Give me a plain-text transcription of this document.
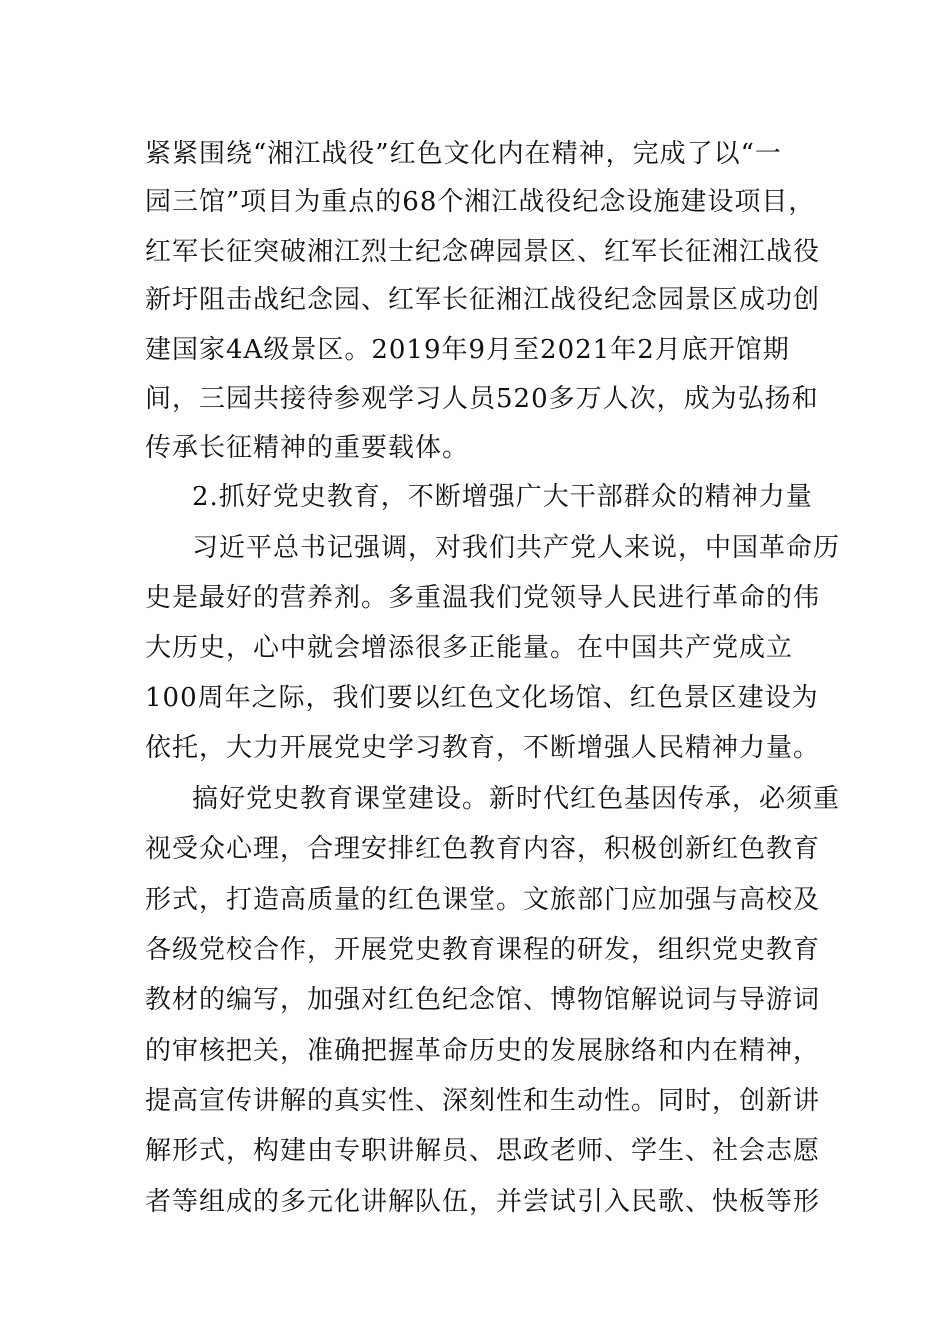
紧紧围绕“湘江战役”红色文化内在精神，完成了以“一
园三馆”项目为重点的68个湘江战役纪念设施建设项目，
红军长征突破湘江烈士纪念碑园景区、红军长征湘江战役
新圩阻击战纪念园、红军长征湘江战役纪念园景区成功创
建国家4A级景区。2019年9月至2021年2月底开馆期
间，三园共接待参观学习人员520多万人次，成为弘扬和
传承长征精神的重要载体。
2.抓好党史教育，不断增强广大干部群众的精神力量
习近平总书记强调，对我们共产党人来说，中国革命历
史是最好的营养剂。多重温我们党领导人民进行革命的伟
大历史，心中就会增添很多正能量。在中国共产党成立
100周年之际，我们要以红色文化场馆、红色景区建设为
依托，大力开展党史学习教育，不断增强人民精神力量。
搞好党史教育课堂建设。新时代红色基因传承，必须重
视受众心理，合理安排红色教育内容，积极创新红色教育
形式，打造高质量的红色课堂。文旅部门应加强与高校及
各级党校合作，开展党史教育课程的研发，组织党史教育
教材的编写，加强对红色纪念馆、博物馆解说词与导游词
的审核把关，准确把握革命历史的发展脉络和内在精神，
提高宣传讲解的真实性、深刻性和生动性。同时，创新讲
解形式，构建由专职讲解员、思政老师、学生、社会志愿
者等组成的多元化讲解队伍，并尝试引入民歌、快板等形
